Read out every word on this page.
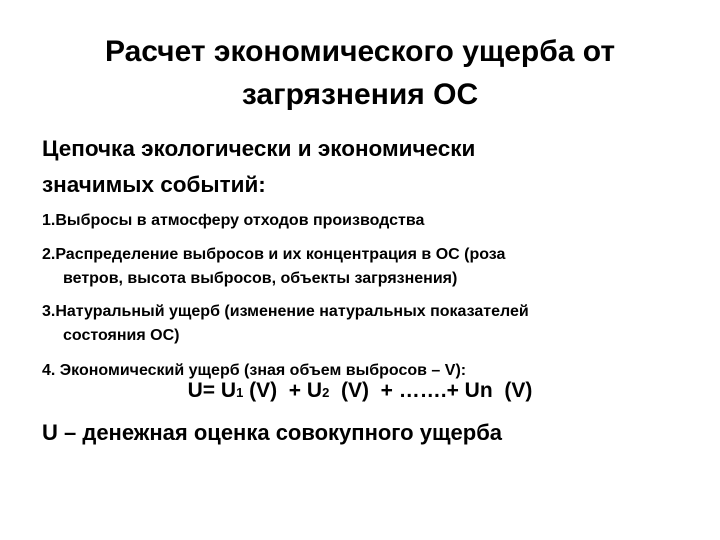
Расчет экономического ущерба от
загрязнения ОС
Цепочка экологически и экономически
значимых событий:
1. Выбросы в атмосферу отходов производства
2. Распределение выбросов и их концентрация в ОС (роза
ветров, высота выбросов, объекты загрязнения)
3. Натуральный ущерб (изменение натуральных показателей
состояния ОС)
4. Экономический ущерб (зная объем выбросов – V):
U= U1 (V)  + U2  (V)  + …….+ Un  (V)
U – денежная оценка совокупного ущерба
